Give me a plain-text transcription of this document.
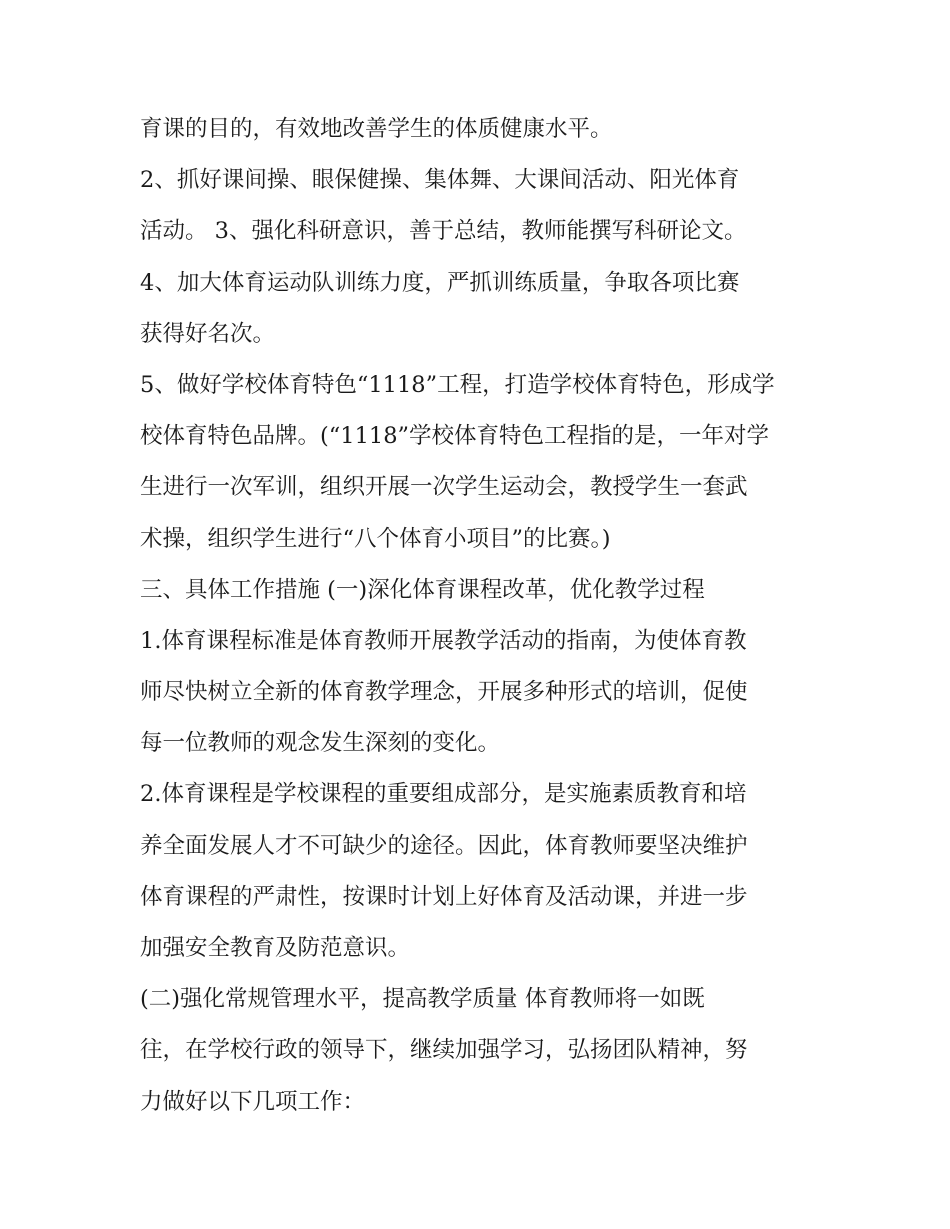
育课的目的，有效地改善学生的体质健康水平。
2、抓好课间操、眼保健操、集体舞、大课间活动、阳光体育
活动。 3、强化科研意识，善于总结，教师能撰写科研论文。
4、加大体育运动队训练力度，严抓训练质量，争取各项比赛
获得好名次。
5、做好学校体育特色“1118”工程，打造学校体育特色，形成学
校体育特色品牌。(“1118”学校体育特色工程指的是，一年对学
生进行一次军训，组织开展一次学生运动会，教授学生一套武
术操，组织学生进行“八个体育小项目”的比赛。)
三、具体工作措施 (一)深化体育课程改革，优化教学过程
1.体育课程标准是体育教师开展教学活动的指南，为使体育教
师尽快树立全新的体育教学理念，开展多种形式的培训，促使
每一位教师的观念发生深刻的变化。
2.体育课程是学校课程的重要组成部分，是实施素质教育和培
养全面发展人才不可缺少的途径。因此，体育教师要坚决维护
体育课程的严肃性，按课时计划上好体育及活动课，并进一步
加强安全教育及防范意识。
(二)强化常规管理水平，提高教学质量 体育教师将一如既
往，在学校行政的领导下，继续加强学习，弘扬团队精神，努
力做好以下几项工作：
